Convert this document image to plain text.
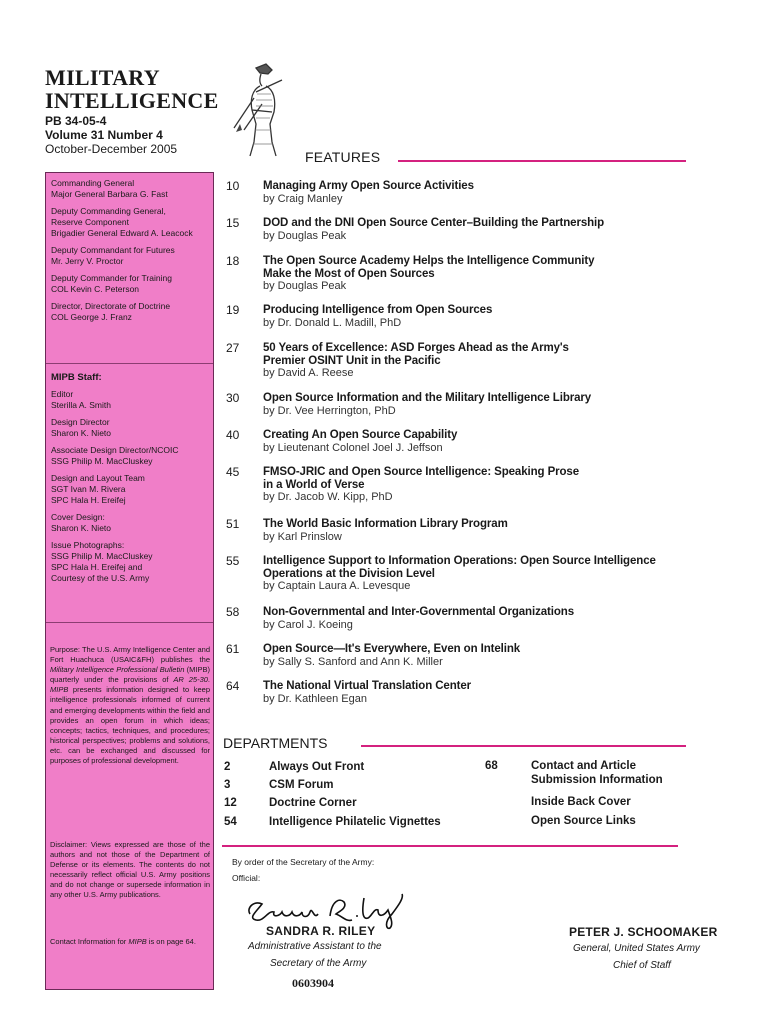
MILITARY
INTELLIGENCE
PB 34-05-4
Volume 31 Number 4
October-December 2005
Commanding General
Major General Barbara G. Fast
Deputy Commanding General,
Reserve Component
Brigadier General Edward A. Leacock
Deputy Commandant for Futures
Mr. Jerry V. Proctor
Deputy Commander for Training
COL Kevin C. Peterson
Director, Directorate of Doctrine
COL George J. Franz
MIPB Staff:
Editor
Sterilla A. Smith
Design Director
Sharon K. Nieto
Associate Design Director/NCOIC
SSG Philip M. MacCluskey
Design and Layout Team
SGT Ivan M. Rivera
SPC Hala H. Ereifej
Cover Design:
Sharon K. Nieto
Issue Photographs:
SSG Philip M. MacCluskey
SPC Hala H. Ereifej and
Courtesy of the U.S. Army
Purpose: The U.S. Army Intelligence Center and Fort Huachuca (USAIC&FH) publishes the Military Intelligence Professional Bulletin (MIPB) quarterly under the provisions of AR 25-30. MIPB presents information designed to keep intelligence professionals informed of current and emerging developments within the field and provides an open forum in which ideas; concepts; tactics, techniques, and procedures; historical perspectives; problems and solutions, etc. can be exchanged and discussed for purposes of professional development.
Disclaimer: Views expressed are those of the authors and not those of the Department of Defense or its elements. The contents do not necessarily reflect official U.S. Army positions and do not change or supersede information in any other U.S. Army publications.
Contact Information for MIPB is on page 64.
FEATURES
10 Managing Army Open Source Activities
by Craig Manley
15 DOD and the DNI Open Source Center–Building the Partnership
by Douglas Peak
18 The Open Source Academy Helps the Intelligence Community
Make the Most of Open Sources
by Douglas Peak
19 Producing Intelligence from Open Sources
by Dr. Donald L. Madill, PhD
27 50 Years of Excellence: ASD Forges Ahead as the Army's
Premier OSINT Unit in the Pacific
by David A. Reese
30 Open Source Information and the Military Intelligence Library
by Dr. Vee Herrington, PhD
40 Creating An Open Source Capability
by Lieutenant Colonel Joel J. Jeffson
45 FMSO-JRIC and Open Source Intelligence: Speaking Prose
in a World of Verse
by Dr. Jacob W. Kipp, PhD
51 The World Basic Information Library Program
by Karl Prinslow
55 Intelligence Support to Information Operations: Open Source Intelligence
Operations at the Division Level
by Captain Laura A. Levesque
58 Non-Governmental and Inter-Governmental Organizations
by Carol J. Koeing
61 Open Source—It's Everywhere, Even on Intelink
by Sally S. Sanford and Ann K. Miller
64 The National Virtual Translation Center
by Dr. Kathleen Egan
DEPARTMENTS
2	Always Out Front
3	CSM Forum
12	Doctrine Corner
54	Intelligence Philatelic Vignettes
68	Contact and Article
Submission Information
Inside Back Cover
Open Source Links
By order of the Secretary of the Army:
Official:
SANDRA R. RILEY
Administrative Assistant to the
Secretary of the Army
0603904
PETER J. SCHOOMAKER
General, United States Army
Chief of Staff
